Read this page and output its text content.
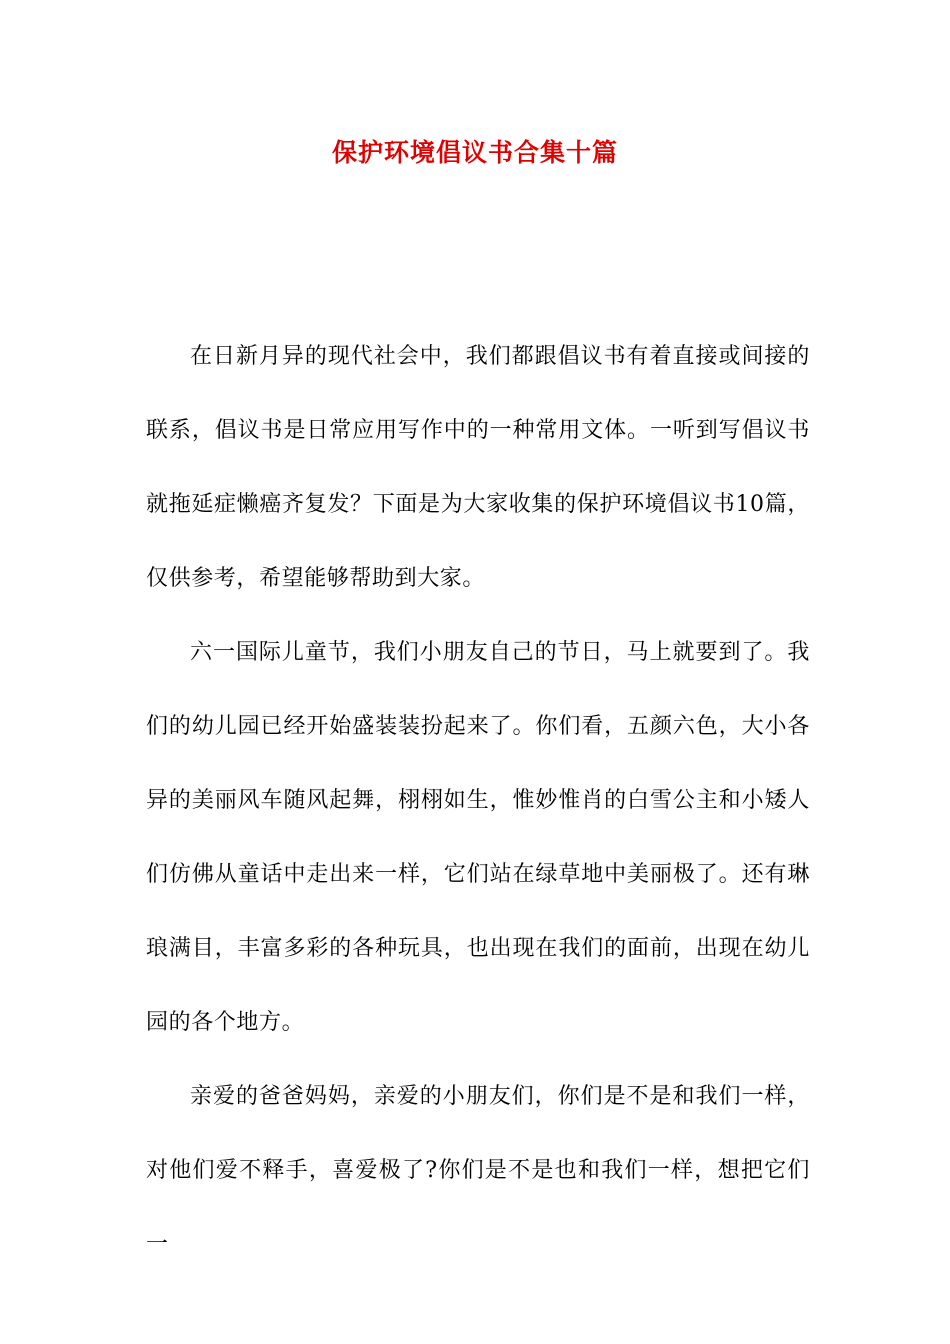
保护环境倡议书合集十篇

在日新月异的现代社会中，我们都跟倡议书有着直接或间接的联系，倡议书是日常应用写作中的一种常用文体。一听到写倡议书就拖延症懒癌齐复发？下面是为大家收集的保护环境倡议书10篇，仅供参考，希望能够帮助到大家。

六一国际儿童节，我们小朋友自己的节日，马上就要到了。我们的幼儿园已经开始盛装装扮起来了。你们看，五颜六色，大小各异的美丽风车随风起舞，栩栩如生，惟妙惟肖的白雪公主和小矮人们仿佛从童话中走出来一样，它们站在绿草地中美丽极了。还有琳琅满目，丰富多彩的各种玩具，也出现在我们的面前，出现在幼儿园的各个地方。

亲爱的爸爸妈妈，亲爱的小朋友们，你们是不是和我们一样，对他们爱不释手，喜爱极了?你们是不是也和我们一样，想把它们一
